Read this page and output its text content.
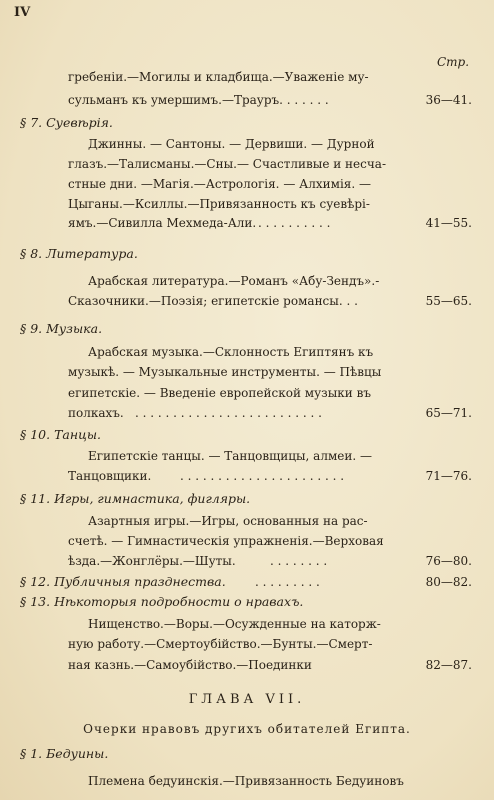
IV
Стр.
гребенiи.—Могилы и кладбища.—Уваженiе му-
сульманъ къ умершимъ.—Трауръ. . . . . . .	36—41.
§ 7. Суевѣрiя.
Джинны. — Сантоны. — Дервиши. — Дурной
глазъ.—Талисманы.—Сны.— Счастливые и несча-
стные дни. —Магiя.—Астрологiя. — Алхимiя. —
Цыганы.—Ксиллы.—Привязанность къ суевѣрi-
ямъ.—Сивилла Мехмеда-Али. . . . . . . . . . .	41—55.
§ 8. Литература.
Арабская литература.—Романъ «Абу-Зендъ».-
Сказочники.—Поэзiя; египетскiе романсы. . .	55—65.
§ 9. Музыка.
Арабская музыка.—Склонность Египтянъ къ
музыкѣ. — Музыкальные инструменты. — Пѣвцы
египетскiе. — Введенiе европейской музыки въ
полкахъ. . . . . . . . . . . . . . . . . . . . . . . . . .	65—71.
§ 10. Танцы.
Египетскiе танцы. — Танцовщицы, алмеи. —
Танцовщики. . . . . . . . . . . . . . . . . . . . . . .	71—76.
§ 11. Игры, гимнастика, фигляры.
Азартныя игры.—Игры, основанныя на рас-
счетѣ. — Гимнастическiя упражненiя.—Верховая
ѣзда.—Жонглёры.—Шуты.	. . . . . . . .	76—80.
§ 12. Публичныя празднества. . . . . . . . . .	80—82.
§ 13. Нѣкоторыя подробности о нравахъ.
Нищенство.—Воры.—Осужденные на каторж-
ную работу.—Смертоубiйство.—Бунты.—Смерт-
ная казнь.—Самоубiйство.—Поединки	82—87.
ГЛАВА VII.
Очерки нравовъ другихъ обитателей Египта.
§ 1. Бедуины.
Племена бедуинскiя.—Привязанность Бедуиновъ
